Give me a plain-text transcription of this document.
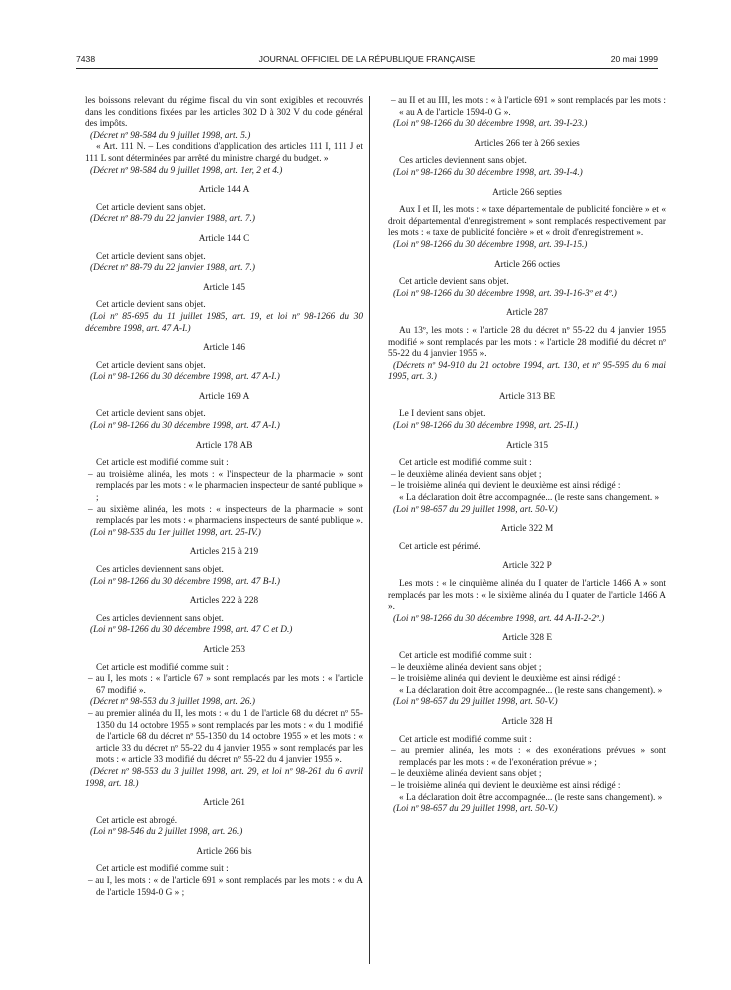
7438	JOURNAL OFFICIEL DE LA RÉPUBLIQUE FRANÇAISE	20 mai 1999

les boissons relevant du régime fiscal du vin sont exigibles et recouvrés dans les conditions fixées par les articles 302 D à 302 V du code général des impôts.

(Décret nº 98-584 du 9 juillet 1998, art. 5.)

« Art. 111 N. – Les conditions d'application des articles 111 I, 111 J et 111 L sont déterminées par arrêté du ministre chargé du budget. »

(Décret nº 98-584 du 9 juillet 1998, art. 1er, 2 et 4.)

Article 144 A

Cet article devient sans objet.

(Décret nº 88-79 du 22 janvier 1988, art. 7.)

Article 144 C

Cet article devient sans objet.

(Décret nº 88-79 du 22 janvier 1988, art. 7.)

Article 145

Cet article devient sans objet.

(Loi nº 85-695 du 11 juillet 1985, art. 19, et loi nº 98-1266 du 30 décembre 1998, art. 47 A-I.)

Article 146

Cet article devient sans objet.

(Loi nº 98-1266 du 30 décembre 1998, art. 47 A-I.)

Article 169 A

Cet article devient sans objet.

(Loi nº 98-1266 du 30 décembre 1998, art. 47 A-I.)

Article 178 AB

Cet article est modifié comme suit :

– au troisième alinéa, les mots : « l'inspecteur de la pharmacie » sont remplacés par les mots : « le pharmacien inspecteur de santé publique » ;

– au sixième alinéa, les mots : « inspecteurs de la pharmacie » sont remplacés par les mots : « pharmaciens inspecteurs de santé publique ».

(Loi nº 98-535 du 1er juillet 1998, art. 25-IV.)

Articles 215 à 219

Ces articles deviennent sans objet.

(Loi nº 98-1266 du 30 décembre 1998, art. 47 B-I.)

Articles 222 à 228

Ces articles deviennent sans objet.

(Loi nº 98-1266 du 30 décembre 1998, art. 47 C et D.)

Article 253

Cet article est modifié comme suit :

– au I, les mots : « l'article 67 » sont remplacés par les mots : « l'article 67 modifié ».

(Décret nº 98-553 du 3 juillet 1998, art. 26.)

– au premier alinéa du II, les mots : « du 1 de l'article 68 du décret nº 55-1350 du 14 octobre 1955 » sont remplacés par les mots : « du 1 modifié de l'article 68 du décret nº 55-1350 du 14 octobre 1955 » et les mots : « article 33 du décret nº 55-22 du 4 janvier 1955 » sont remplacés par les mots : « article 33 modifié du décret nº 55-22 du 4 janvier 1955 ».

(Décret nº 98-553 du 3 juillet 1998, art. 29, et loi nº 98-261 du 6 avril 1998, art. 18.)

Article 261

Cet article est abrogé.

(Loi nº 98-546 du 2 juillet 1998, art. 26.)

Article 266 bis

Cet article est modifié comme suit :

– au I, les mots : « de l'article 691 » sont remplacés par les mots : « du A de l'article 1594-0 G » ;

– au II et au III, les mots : « à l'article 691 » sont remplacés par les mots : « au A de l'article 1594-0 G ».

(Loi nº 98-1266 du 30 décembre 1998, art. 39-I-23.)

Articles 266 ter à 266 sexies

Ces articles deviennent sans objet.

(Loi nº 98-1266 du 30 décembre 1998, art. 39-I-4.)

Article 266 septies

Aux I et II, les mots : « taxe départementale de publicité foncière » et « droit départemental d'enregistrement » sont remplacés respectivement par les mots : « taxe de publicité foncière » et « droit d'enregistrement ».

(Loi nº 98-1266 du 30 décembre 1998, art. 39-I-15.)

Article 266 octies

Cet article devient sans objet.

(Loi nº 98-1266 du 30 décembre 1998, art. 39-I-16-3º et 4º.)

Article 287

Au 13º, les mots : « l'article 28 du décret nº 55-22 du 4 janvier 1955 modifié » sont remplacés par les mots : « l'article 28 modifié du décret nº 55-22 du 4 janvier 1955 ».

(Décrets nº 94-910 du 21 octobre 1994, art. 130, et nº 95-595 du 6 mai 1995, art. 3.)

Article 313 BE

Le I devient sans objet.

(Loi nº 98-1266 du 30 décembre 1998, art. 25-II.)

Article 315

Cet article est modifié comme suit :

– le deuxième alinéa devient sans objet ;

– le troisième alinéa qui devient le deuxième est ainsi rédigé :

« La déclaration doit être accompagnée... (le reste sans changement. »

(Loi nº 98-657 du 29 juillet 1998, art. 50-V.)

Article 322 M

Cet article est périmé.

Article 322 P

Les mots : « le cinquième alinéa du I quater de l'article 1466 A » sont remplacés par les mots : « le sixième alinéa du I quater de l'article 1466 A ».

(Loi nº 98-1266 du 30 décembre 1998, art. 44 A-II-2-2º.)

Article 328 E

Cet article est modifié comme suit :

– le deuxième alinéa devient sans objet ;

– le troisième alinéa qui devient le deuxième est ainsi rédigé :

« La déclaration doit être accompagnée... (le reste sans changement). »

(Loi nº 98-657 du 29 juillet 1998, art. 50-V.)

Article 328 H

Cet article est modifié comme suit :

– au premier alinéa, les mots : « des exonérations prévues » sont remplacés par les mots : « de l'exonération prévue » ;

– le deuxième alinéa devient sans objet ;

– le troisième alinéa qui devient le deuxième est ainsi rédigé :

« La déclaration doit être accompagnée... (le reste sans changement). »

(Loi nº 98-657 du 29 juillet 1998, art. 50-V.)
